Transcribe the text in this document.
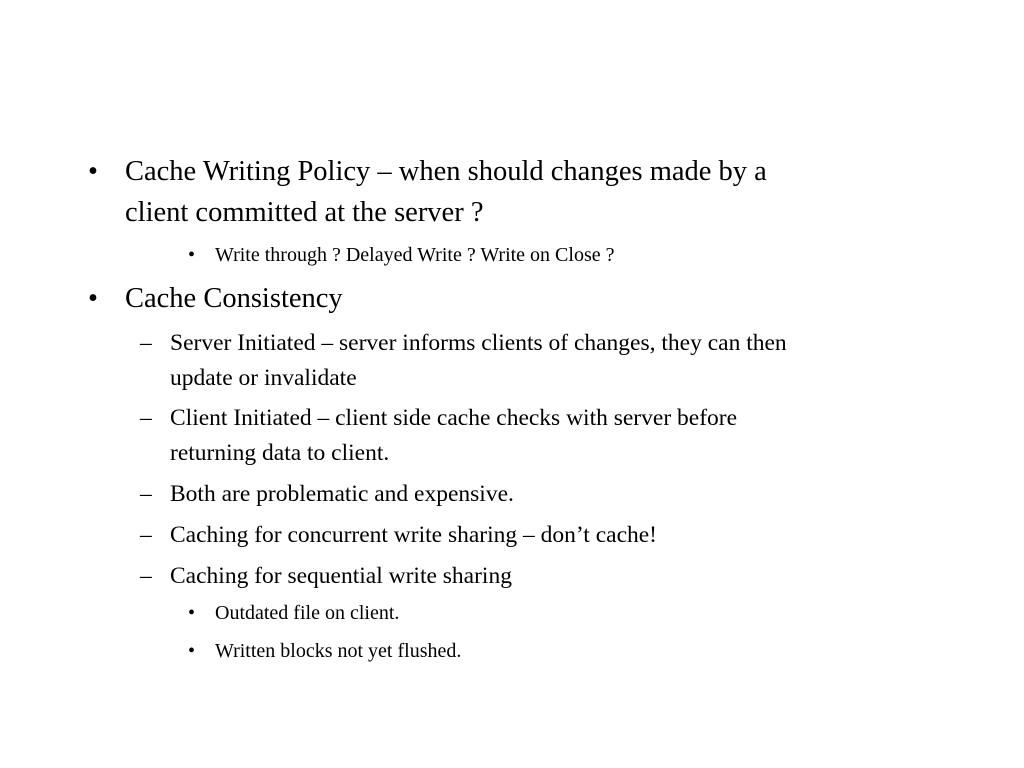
• Cache Writing Policy – when should changes made by a
client committed at the server ?
• Write through ? Delayed Write ? Write on Close ?
• Cache Consistency
– Server Initiated – server informs clients of changes, they can then
update or invalidate
– Client Initiated – client side cache checks with server before
returning data to client.
– Both are problematic and expensive.
– Caching for concurrent write sharing – don’t cache!
– Caching for sequential write sharing
• Outdated file on client.
• Written blocks not yet flushed.
